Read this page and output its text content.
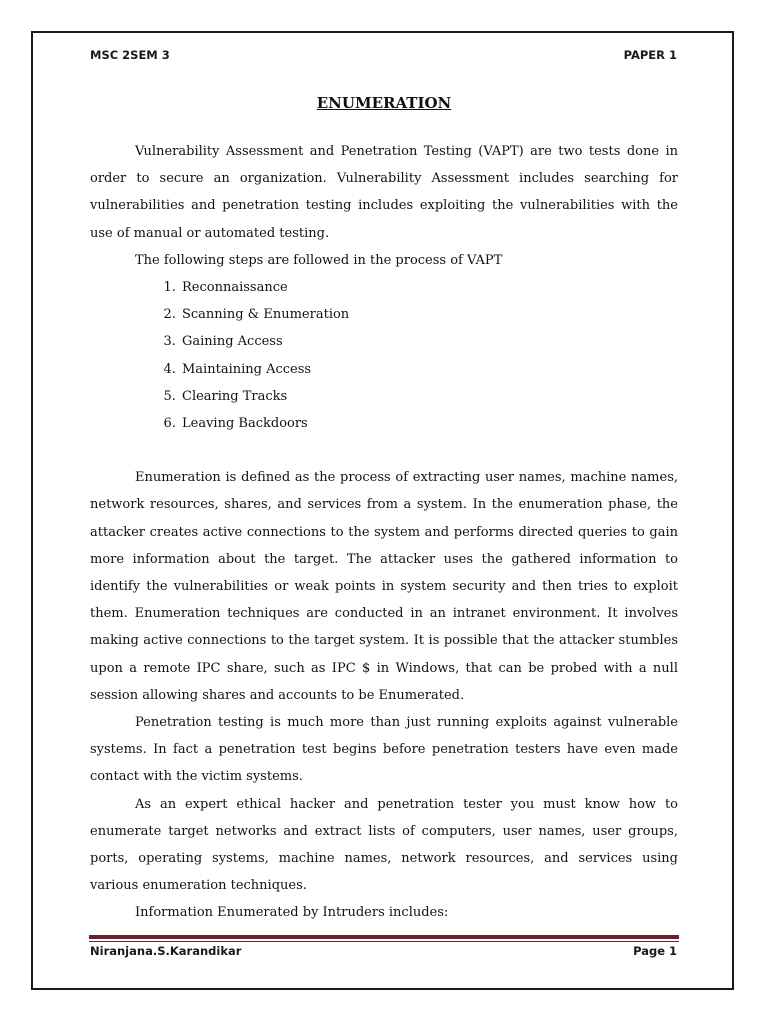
MSC 2SEM 3	PAPER 1
ENUMERATION

Vulnerability Assessment and Penetration Testing (VAPT) are two tests done in order to secure an organization. Vulnerability Assessment includes searching for vulnerabilities and penetration testing includes exploiting the vulnerabilities with the use of manual or automated testing.

The following steps are followed in the process of VAPT

1. Reconnaissance
2. Scanning & Enumeration
3. Gaining Access
4. Maintaining Access
5. Clearing Tracks
6. Leaving Backdoors

Enumeration is defined as the process of extracting user names, machine names, network resources, shares, and services from a system. In the enumeration phase, the attacker creates active connections to the system and performs directed queries to gain more information about the target. The attacker uses the gathered information to identify the vulnerabilities or weak points in system security and then tries to exploit them. Enumeration techniques are conducted in an intranet environment. It involves making active connections to the target system. It is possible that the attacker stumbles upon a remote IPC share, such as IPC $ in Windows, that can be probed with a null session allowing shares and accounts to be Enumerated.

Penetration testing is much more than just running exploits against vulnerable systems. In fact a penetration test begins before penetration testers have even made contact with the victim systems.

As an expert ethical hacker and penetration tester you must know how to enumerate target networks and extract lists of computers, user names, user groups, ports, operating systems, machine names, network resources, and services using various enumeration techniques.

Information Enumerated by Intruders includes:

Niranjana.S.Karandikar	Page 1
